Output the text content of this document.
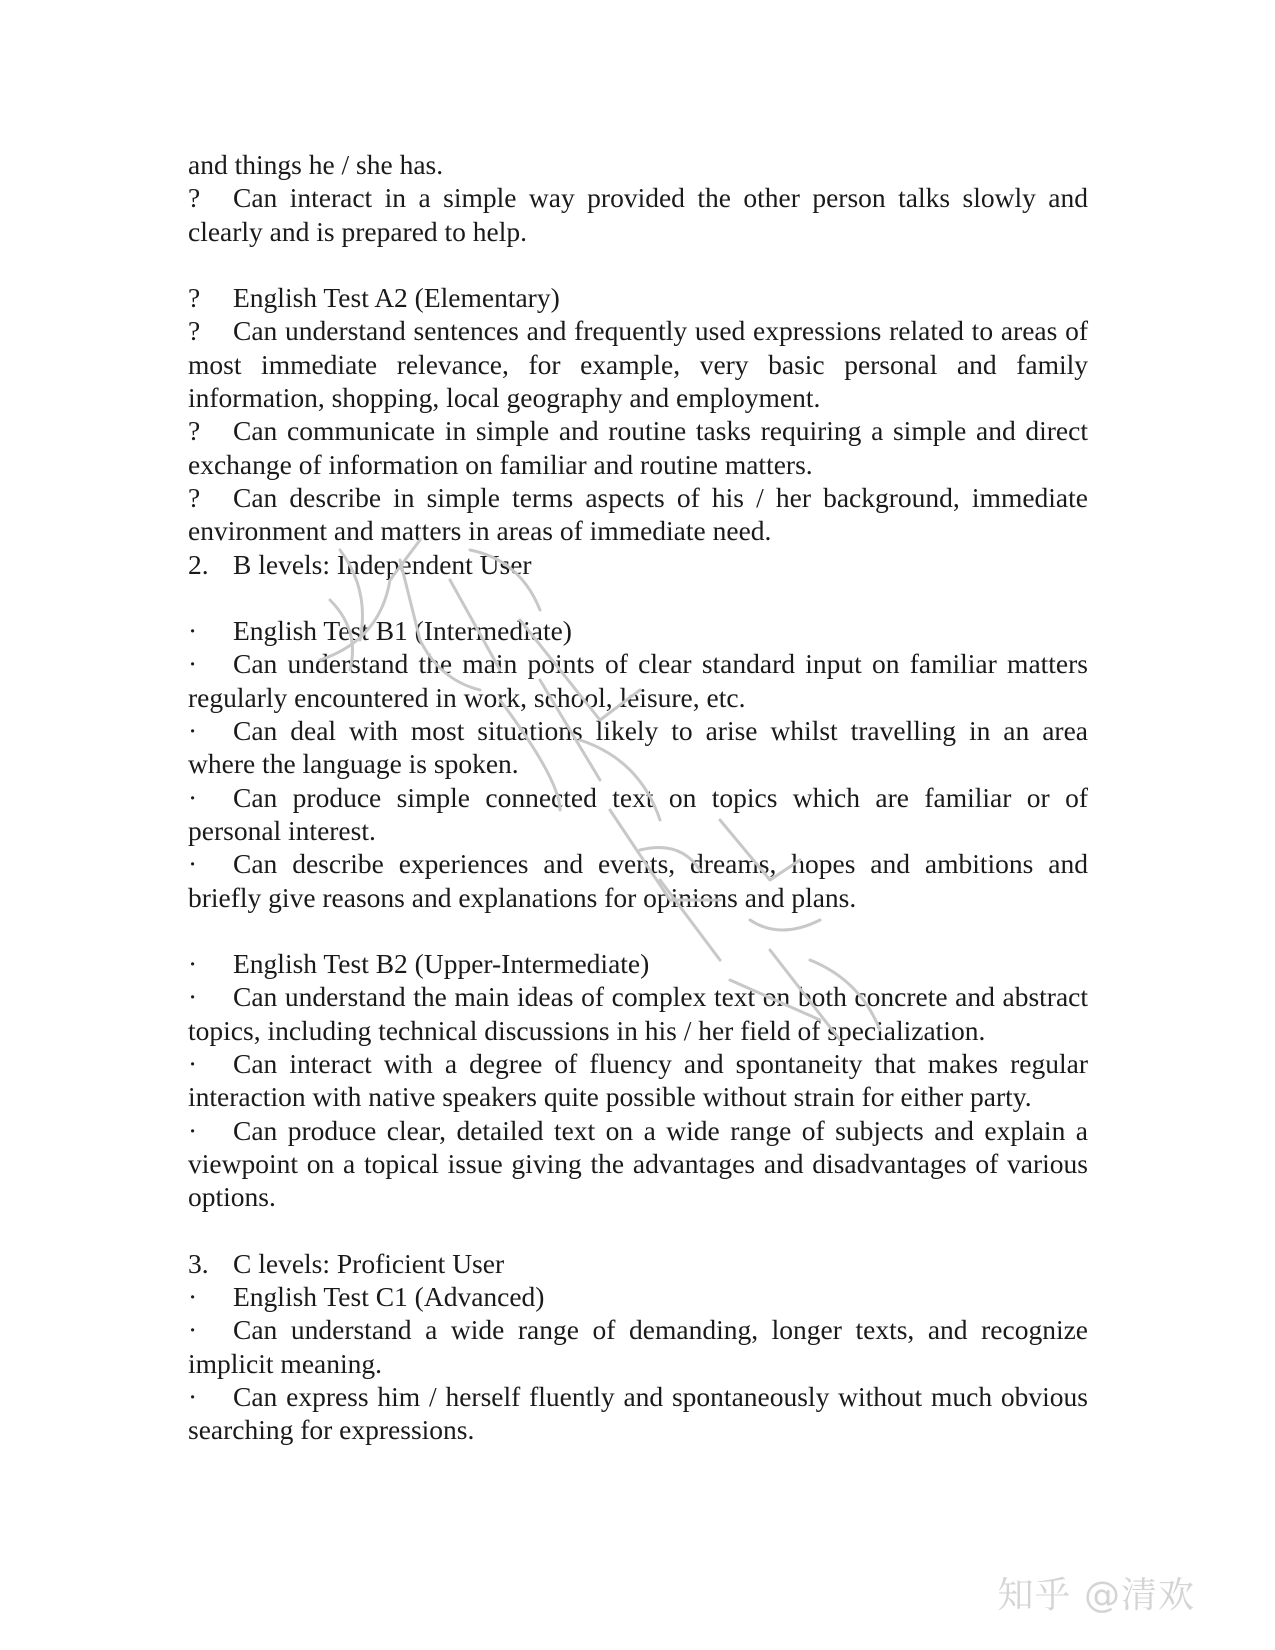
and things he / she has.

? Can interact in a simple way provided the other person talks slowly and clearly and is prepared to help.

? English Test A2 (Elementary)

? Can understand sentences and frequently used expressions related to areas of most immediate relevance, for example, very basic personal and family information, shopping, local geography and employment.

? Can communicate in simple and routine tasks requiring a simple and direct exchange of information on familiar and routine matters.

? Can describe in simple terms aspects of his / her background, immediate environment and matters in areas of immediate need.

2. B levels: Independent User

· English Test B1 (Intermediate)

· Can understand the main points of clear standard input on familiar matters regularly encountered in work, school, leisure, etc.

· Can deal with most situations likely to arise whilst travelling in an area where the language is spoken.

· Can produce simple connected text on topics which are familiar or of personal interest.

· Can describe experiences and events, dreams, hopes and ambitions and briefly give reasons and explanations for opinions and plans.

· English Test B2 (Upper-Intermediate)

· Can understand the main ideas of complex text on both concrete and abstract topics, including technical discussions in his / her field of specialization.

· Can interact with a degree of fluency and spontaneity that makes regular interaction with native speakers quite possible without strain for either party.

· Can produce clear, detailed text on a wide range of subjects and explain a viewpoint on a topical issue giving the advantages and disadvantages of various options.

3. C levels: Proficient User

· English Test C1 (Advanced)

· Can understand a wide range of demanding, longer texts, and recognize implicit meaning.

· Can express him / herself fluently and spontaneously without much obvious searching for expressions.

知乎 @清欢
